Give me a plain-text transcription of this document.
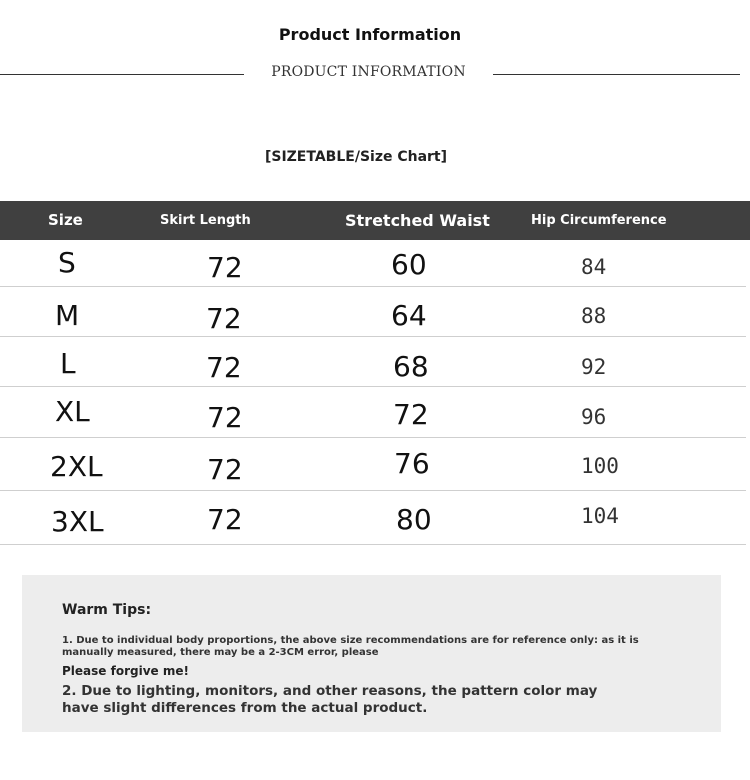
Product Information
PRODUCT INFORMATION
[SIZETABLE/Size Chart]
Size	Skirt Length	Stretched Waist	Hip Circumference
S	72	60	84
M	72	64	88
L	72	68	92
XL	72	72	96
2XL	72	76	100
3XL	72	80	104
Warm Tips:
1. Due to individual body proportions, the above size recommendations are for reference only: as it is manually measured, there may be a 2-3CM error, please
Please forgive me!
2. Due to lighting, monitors, and other reasons, the pattern color may have slight differences from the actual product.
